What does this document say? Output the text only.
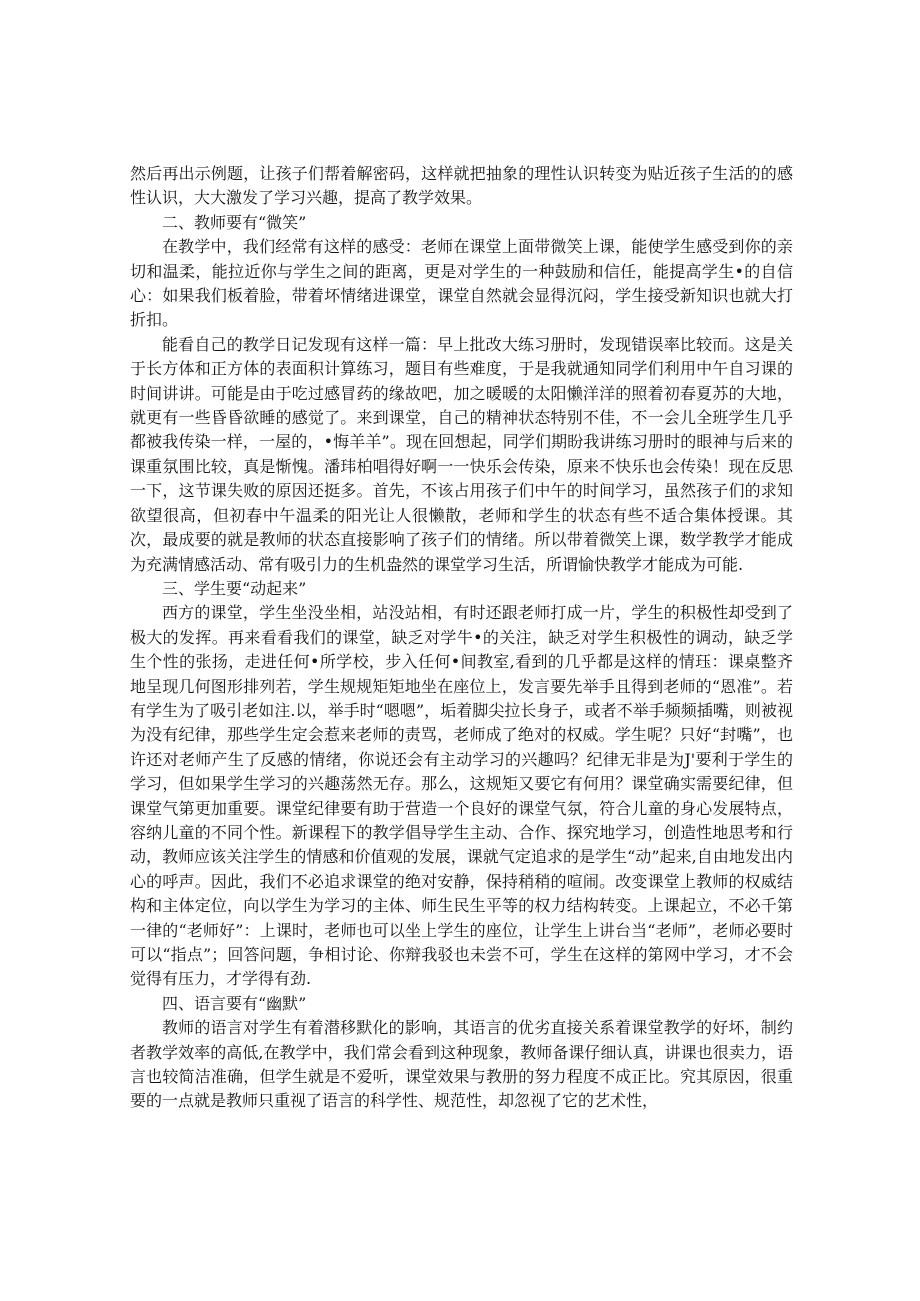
然后再出示例题，让孩子们帮着解密码，这样就把抽象的理性认识转变为贴近孩子生活的的感性认识，大大激发了学习兴趣，提高了教学效果。

二、教师要有“微笑”

在教学中，我们经常有这样的感受：老师在课堂上面带微笑上课，能使学生感受到你的亲切和温柔，能拉近你与学生之间的距离，更是对学生的一种鼓励和信任，能提高学生•的自信心：如果我们板着脸，带着坏情绪进课堂，课堂自然就会显得沉闷，学生接受新知识也就大打折扣。

能看自己的教学日记发现有这样一篇：早上批改大练习册时，发现错误率比较而。这是关于长方体和正方体的表面积计算练习，题目有些难度，于是我就通知同学们利用中午自习课的时间讲讲。可能是由于吃过感冒药的缘故吧，加之暖暖的太阳懒洋洋的照着初春夏苏的大地，就更有一些昏昏欲睡的感觉了。来到课堂，自己的精神状态特别不佳，不一会儿全班学生几乎都被我传染一样，一屋的，•悔羊羊”。现在回想起，同学们期盼我讲练习册时的眼神与后来的课重氛围比较，真是惭愧。潘玮柏唱得好啊一一快乐会传染，原来不快乐也会传染！现在反思一下，这节课失败的原因还挺多。首先，不该占用孩子们中午的时间学习，虽然孩子们的求知欲望很高，但初春中午温柔的阳光让人很懒散，老师和学生的状态有些不适合集体授课。其次，最成要的就是教师的状态直接影响了孩子们的情绪。所以带着微笑上课，数学教学才能成为充满情感活动、常有吸引力的生机盎然的课堂学习生活，所谓愉快教学才能成为可能.

三、学生要“动起来”

西方的课堂，学生坐没坐相，站没站相，有时还跟老师打成一片，学生的积极性却受到了极大的发挥。再来看看我们的课堂，缺乏对学牛•的关注，缺乏对学生积极性的调动，缺乏学生个性的张扬，走进任何•所学校，步入任何•间教室,看到的几乎都是这样的情珏：课桌整齐地呈现几何图形排列若，学生规规矩矩地坐在座位上，发言要先举手且得到老师的“恩准”。若有学生为了吸引老如注.以，举手时“嗯嗯”，垢着脚尖拉长身子，或者不举手频频插嘴，则被视为没有纪律，那些学生定会惹来老师的责骂，老师成了绝对的权威。学生呢？只好“封嘴”，也许还对老师产生了反感的情绪，你说还会有主动学习的兴趣吗？纪律无非是为J'要利于学生的学习，但如果学生学习的兴趣荡然无存。那么，这规矩又要它有何用？课堂确实需要纪律，但课堂气第更加重要。课堂纪律要有助于营造一个良好的课堂气氛，符合儿童的身心发展特点，容纳儿童的不同个性。新课程下的教学倡导学生主动、合作、探究地学习，创造性地思考和行动，教师应该关注学生的情感和价值观的发展，课就气定追求的是学生“动”起来,自由地发出内心的呼声。因此，我们不必追求课堂的绝对安静，保持稍稍的喧闹。改变课堂上教师的权威结构和主体定位，向以学生为学习的主体、师生民生平等的权力结构转变。上课起立，不必千第一律的“老师好”：上课时，老师也可以坐上学生的座位，让学生上讲台当“老师”，老师必要时可以“指点”；回答问题，争相讨论、你辩我驳也未尝不可，学生在这样的第网中学习，才不会觉得有压力，才学得有劲.

四、语言要有“幽默”

教师的语言对学生有着潜移默化的影响，其语言的优劣直接关系着课堂教学的好坏，制约者教学效率的高低,在教学中，我们常会看到这种现象，教师备课仔细认真，讲课也很卖力，语言也较简洁准确，但学生就是不爱听，课堂效果与教册的努力程度不成正比。究其原因，很重要的一点就是教师只重视了语言的科学性、规范性，却忽视了它的艺术性，
